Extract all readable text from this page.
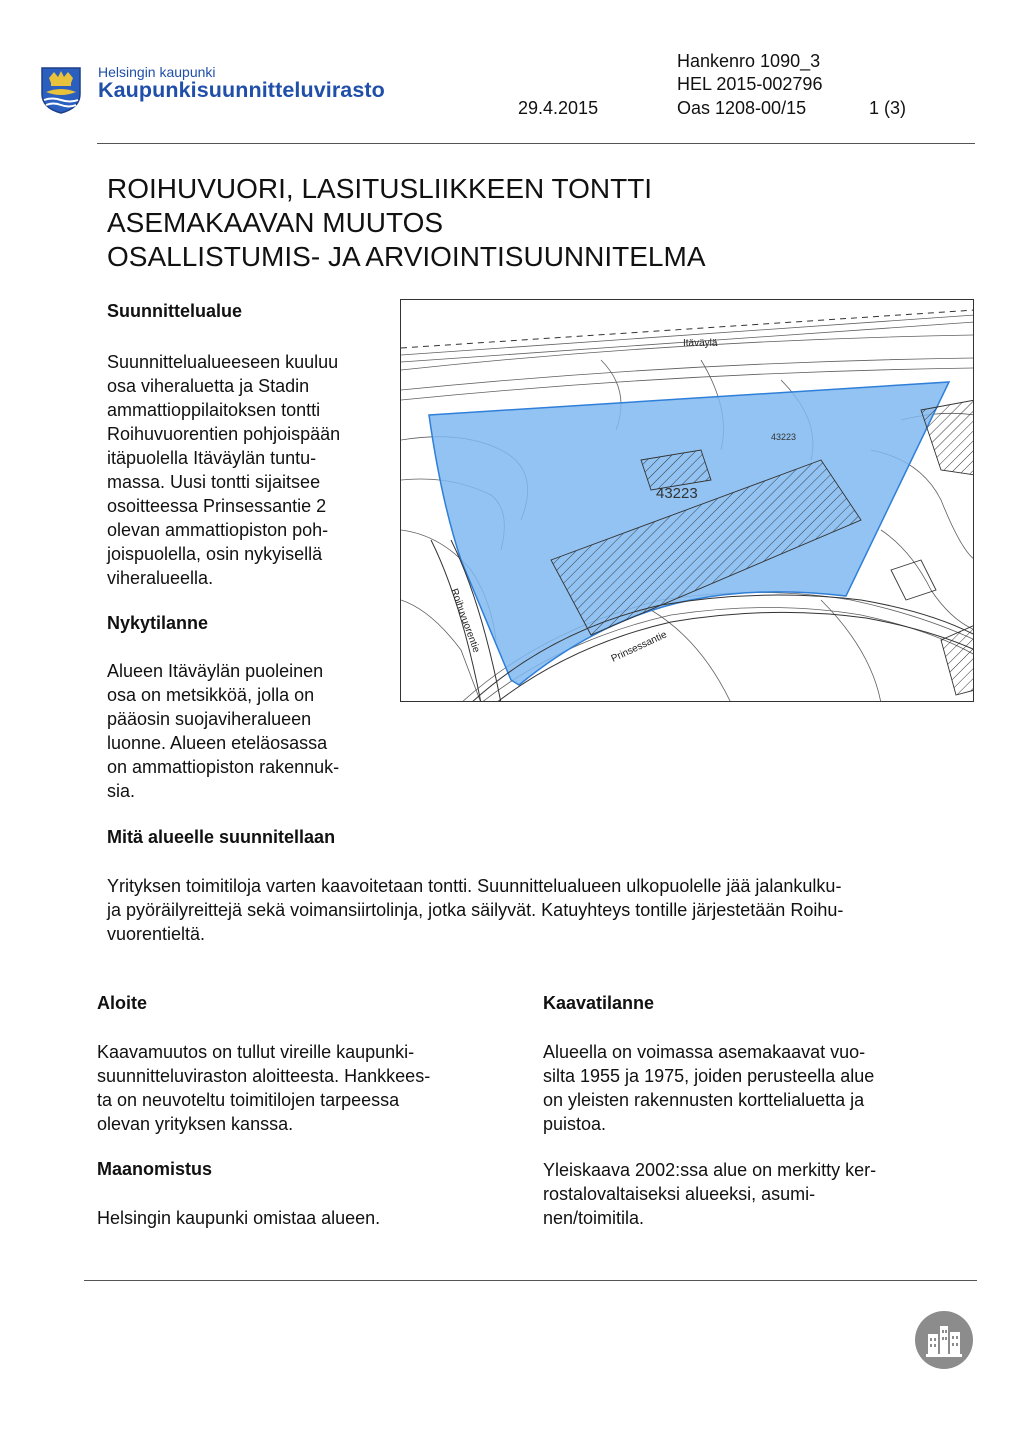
Helsingin kaupunki
Kaupunkisuunnitteluvirasto
29.4.2015
Hankenro 1090_3
HEL 2015-002796
Oas 1208-00/15	1 (3)
ROIHUVUORI, LASITUSLIIKKEEN TONTTI
ASEMAKAAVAN MUUTOS
OSALLISTUMIS- JA ARVIOINTISUUNNITELMA
Suunnittelualue
Suunnittelualueeseen kuuluu
osa viheraluetta ja Stadin
ammattioppilaitoksen tontti
Roihuvuorentien pohjoispään
itäpuolella Itäväylän tuntu-
massa. Uusi tontti sijaitsee
osoitteessa Prinsessantie 2
olevan ammattiopiston poh-
joispuolella, osin nykyisellä
viheralueella.
Nykytilanne
Alueen Itäväylän puoleinen
osa on metsikköä, jolla on
pääosin suojaviheralueen
luonne. Alueen eteläosassa
on ammattiopiston rakennuk-
sia.
Itäväylä
43223
43223
Roihuvuorentie	Prinsessantie
Mitä alueelle suunnitellaan
Yrityksen toimitiloja varten kaavoitetaan tontti. Suunnittelualueen ulkopuolelle jää jalankulku-
ja pyöräilyreittejä sekä voimansiirtolinja, jotka säilyvät. Katuyhteys tontille järjestetään Roihu-
vuorentieltä.
Aloite
Kaavamuutos on tullut vireille kaupunki-
suunnitteluviraston aloitteesta. Hankkees-
ta on neuvoteltu toimitilojen tarpeessa
olevan yrityksen kanssa.
Maanomistus
Helsingin kaupunki omistaa alueen.
Kaavatilanne
Alueella on voimassa asemakaavat vuo-
silta 1955 ja 1975, joiden perusteella alue
on yleisten rakennusten korttelialuetta ja
puistoa.
Yleiskaava 2002:ssa alue on merkitty ker-
rostalovaltaiseksi alueeksi, asumi-
nen/toimitila.
